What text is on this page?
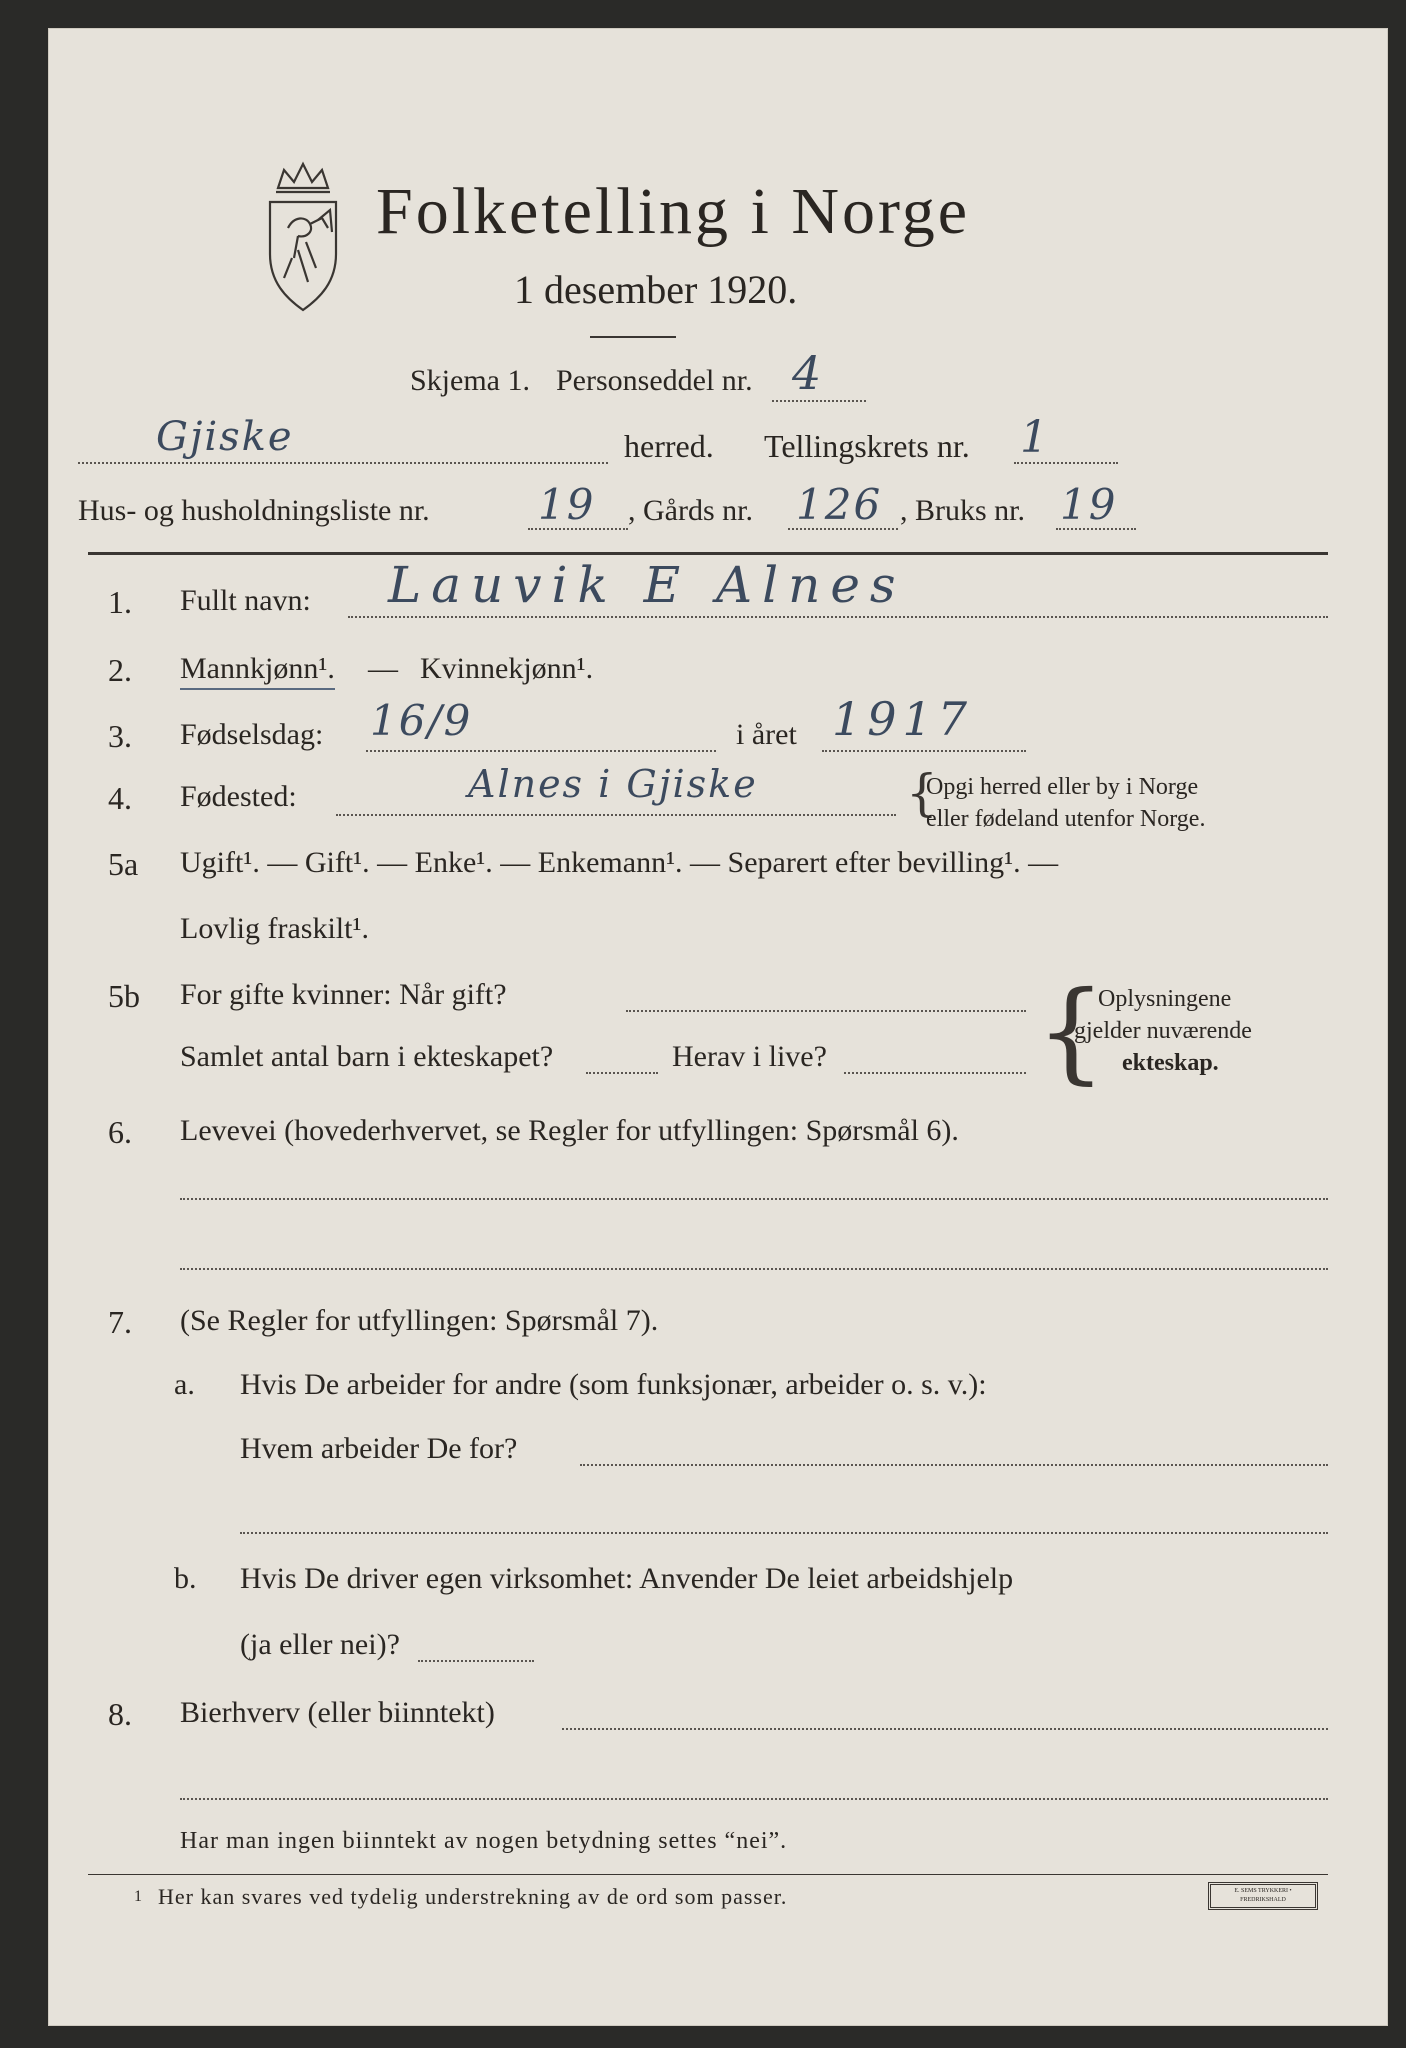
Folketelling i Norge
1 desember 1920.
Skjema 1. Personseddel nr. 4
Gjiske	herred. Tellingskrets nr. 1
Hus- og husholdningsliste nr.	19 , Gårds nr. 126 , Bruks nr. 19
1. Fullt navn: Lauvik E Alnes
2. Mannkjønn¹. — Kvinnekjønn¹.
3. Fødselsdag: 16/9	i året 1917
4. Fødested:	Alnes i Gjiske	{
Opgi herred eller by i Norge
eller fødeland utenfor Norge.
5a Ugift¹. — Gift¹. — Enke¹. — Enkemann¹. — Separert efter bevilling¹. —
Lovlig fraskilt¹.
5b For gifte kvinner: Når gift?
Samlet antal barn i ekteskapet?	Herav i live? {
Oplysningene
gjelder nuværende
ekteskap.
6. Levevei (hovederhvervet, se Regler for utfyllingen: Spørsmål 6).
7. (Se Regler for utfyllingen: Spørsmål 7).
a. Hvis De arbeider for andre (som funksjonær, arbeider o. s. v.):
Hvem arbeider De for?
b. Hvis De driver egen virksomhet: Anvender De leiet arbeidshjelp
(ja eller nei)?
8. Bierhverv (eller biinntekt)
Har man ingen biinntekt av nogen betydning settes “nei”.
1 Her kan svares ved tydelig understrekning av de ord som passer.	E. SEMS TRYKKERI • FREDRIKSHALD
